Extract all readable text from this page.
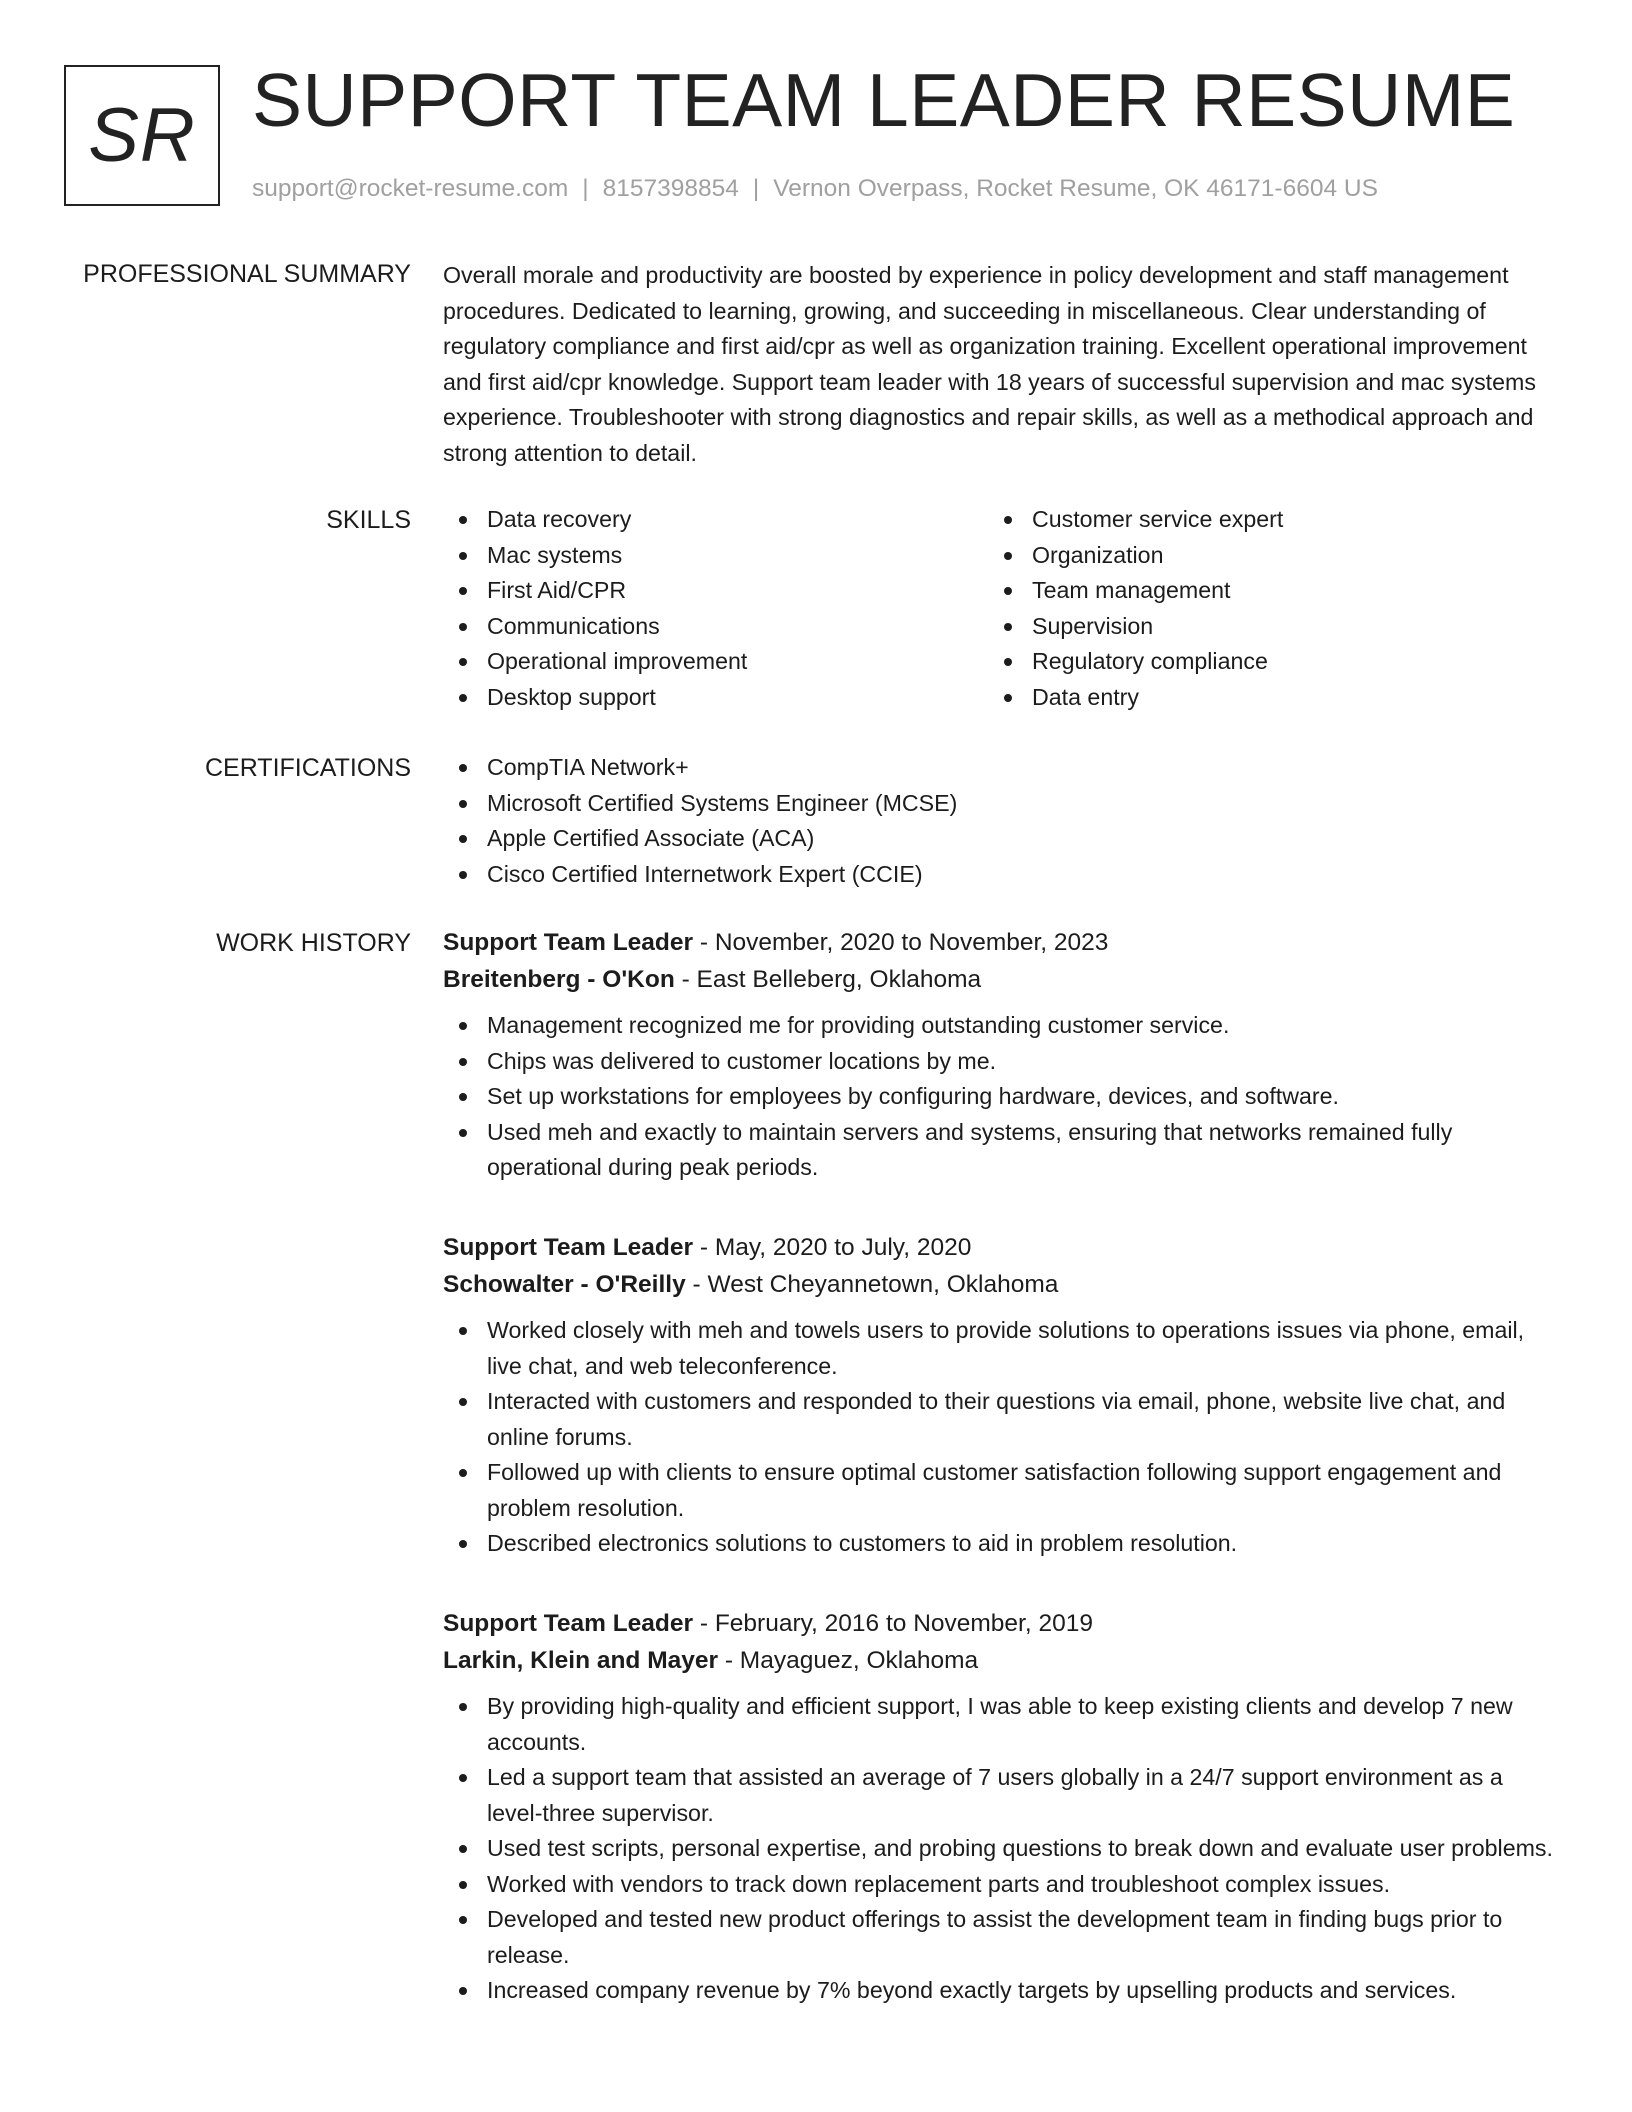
SR SUPPORT TEAM LEADER RESUME
support@rocket-resume.com | 8157398854 | Vernon Overpass, Rocket Resume, OK 46171-6604 US
PROFESSIONAL SUMMARY Overall morale and productivity are boosted by experience in policy development and staff management procedures. Dedicated to learning, growing, and succeeding in miscellaneous. Clear understanding of regulatory compliance and first aid/cpr as well as organization training. Excellent operational improvement and first aid/cpr knowledge. Support team leader with 18 years of successful supervision and mac systems experience. Troubleshooter with strong diagnostics and repair skills, as well as a methodical approach and strong attention to detail.

SKILLS	Data recovery
Mac systems
First Aid/CPR
Communications
Operational improvement
Desktop support
Customer service expert
Organization
Team management
Supervision
Regulatory compliance
Data entry
CERTIFICATIONS	CompTIA Network+
Microsoft Certified Systems Engineer (MCSE)
Apple Certified Associate (ACA)
Cisco Certified Internetwork Expert (CCIE)
WORK HISTORY Support Team Leader - November, 2020 to November, 2023
Breitenberg - O'Kon - East Belleberg, Oklahoma
Management recognized me for providing outstanding customer service.
Chips was delivered to customer locations by me.
Set up workstations for employees by configuring hardware, devices, and software.
Used meh and exactly to maintain servers and systems, ensuring that networks remained fully operational during peak periods.
Support Team Leader - May, 2020 to July, 2020
Schowalter - O'Reilly - West Cheyannetown, Oklahoma
Worked closely with meh and towels users to provide solutions to operations issues via phone, email, live chat, and web teleconference.
Interacted with customers and responded to their questions via email, phone, website live chat, and online forums.
Followed up with clients to ensure optimal customer satisfaction following support engagement and problem resolution.
Described electronics solutions to customers to aid in problem resolution.
Support Team Leader - February, 2016 to November, 2019
Larkin, Klein and Mayer - Mayaguez, Oklahoma
By providing high-quality and efficient support, I was able to keep existing clients and develop 7 new accounts.
Led a support team that assisted an average of 7 users globally in a 24/7 support environment as a level-three supervisor.
Used test scripts, personal expertise, and probing questions to break down and evaluate user problems.
Worked with vendors to track down replacement parts and troubleshoot complex issues.
Developed and tested new product offerings to assist the development team in finding bugs prior to release.
Increased company revenue by 7% beyond exactly targets by upselling products and services.
